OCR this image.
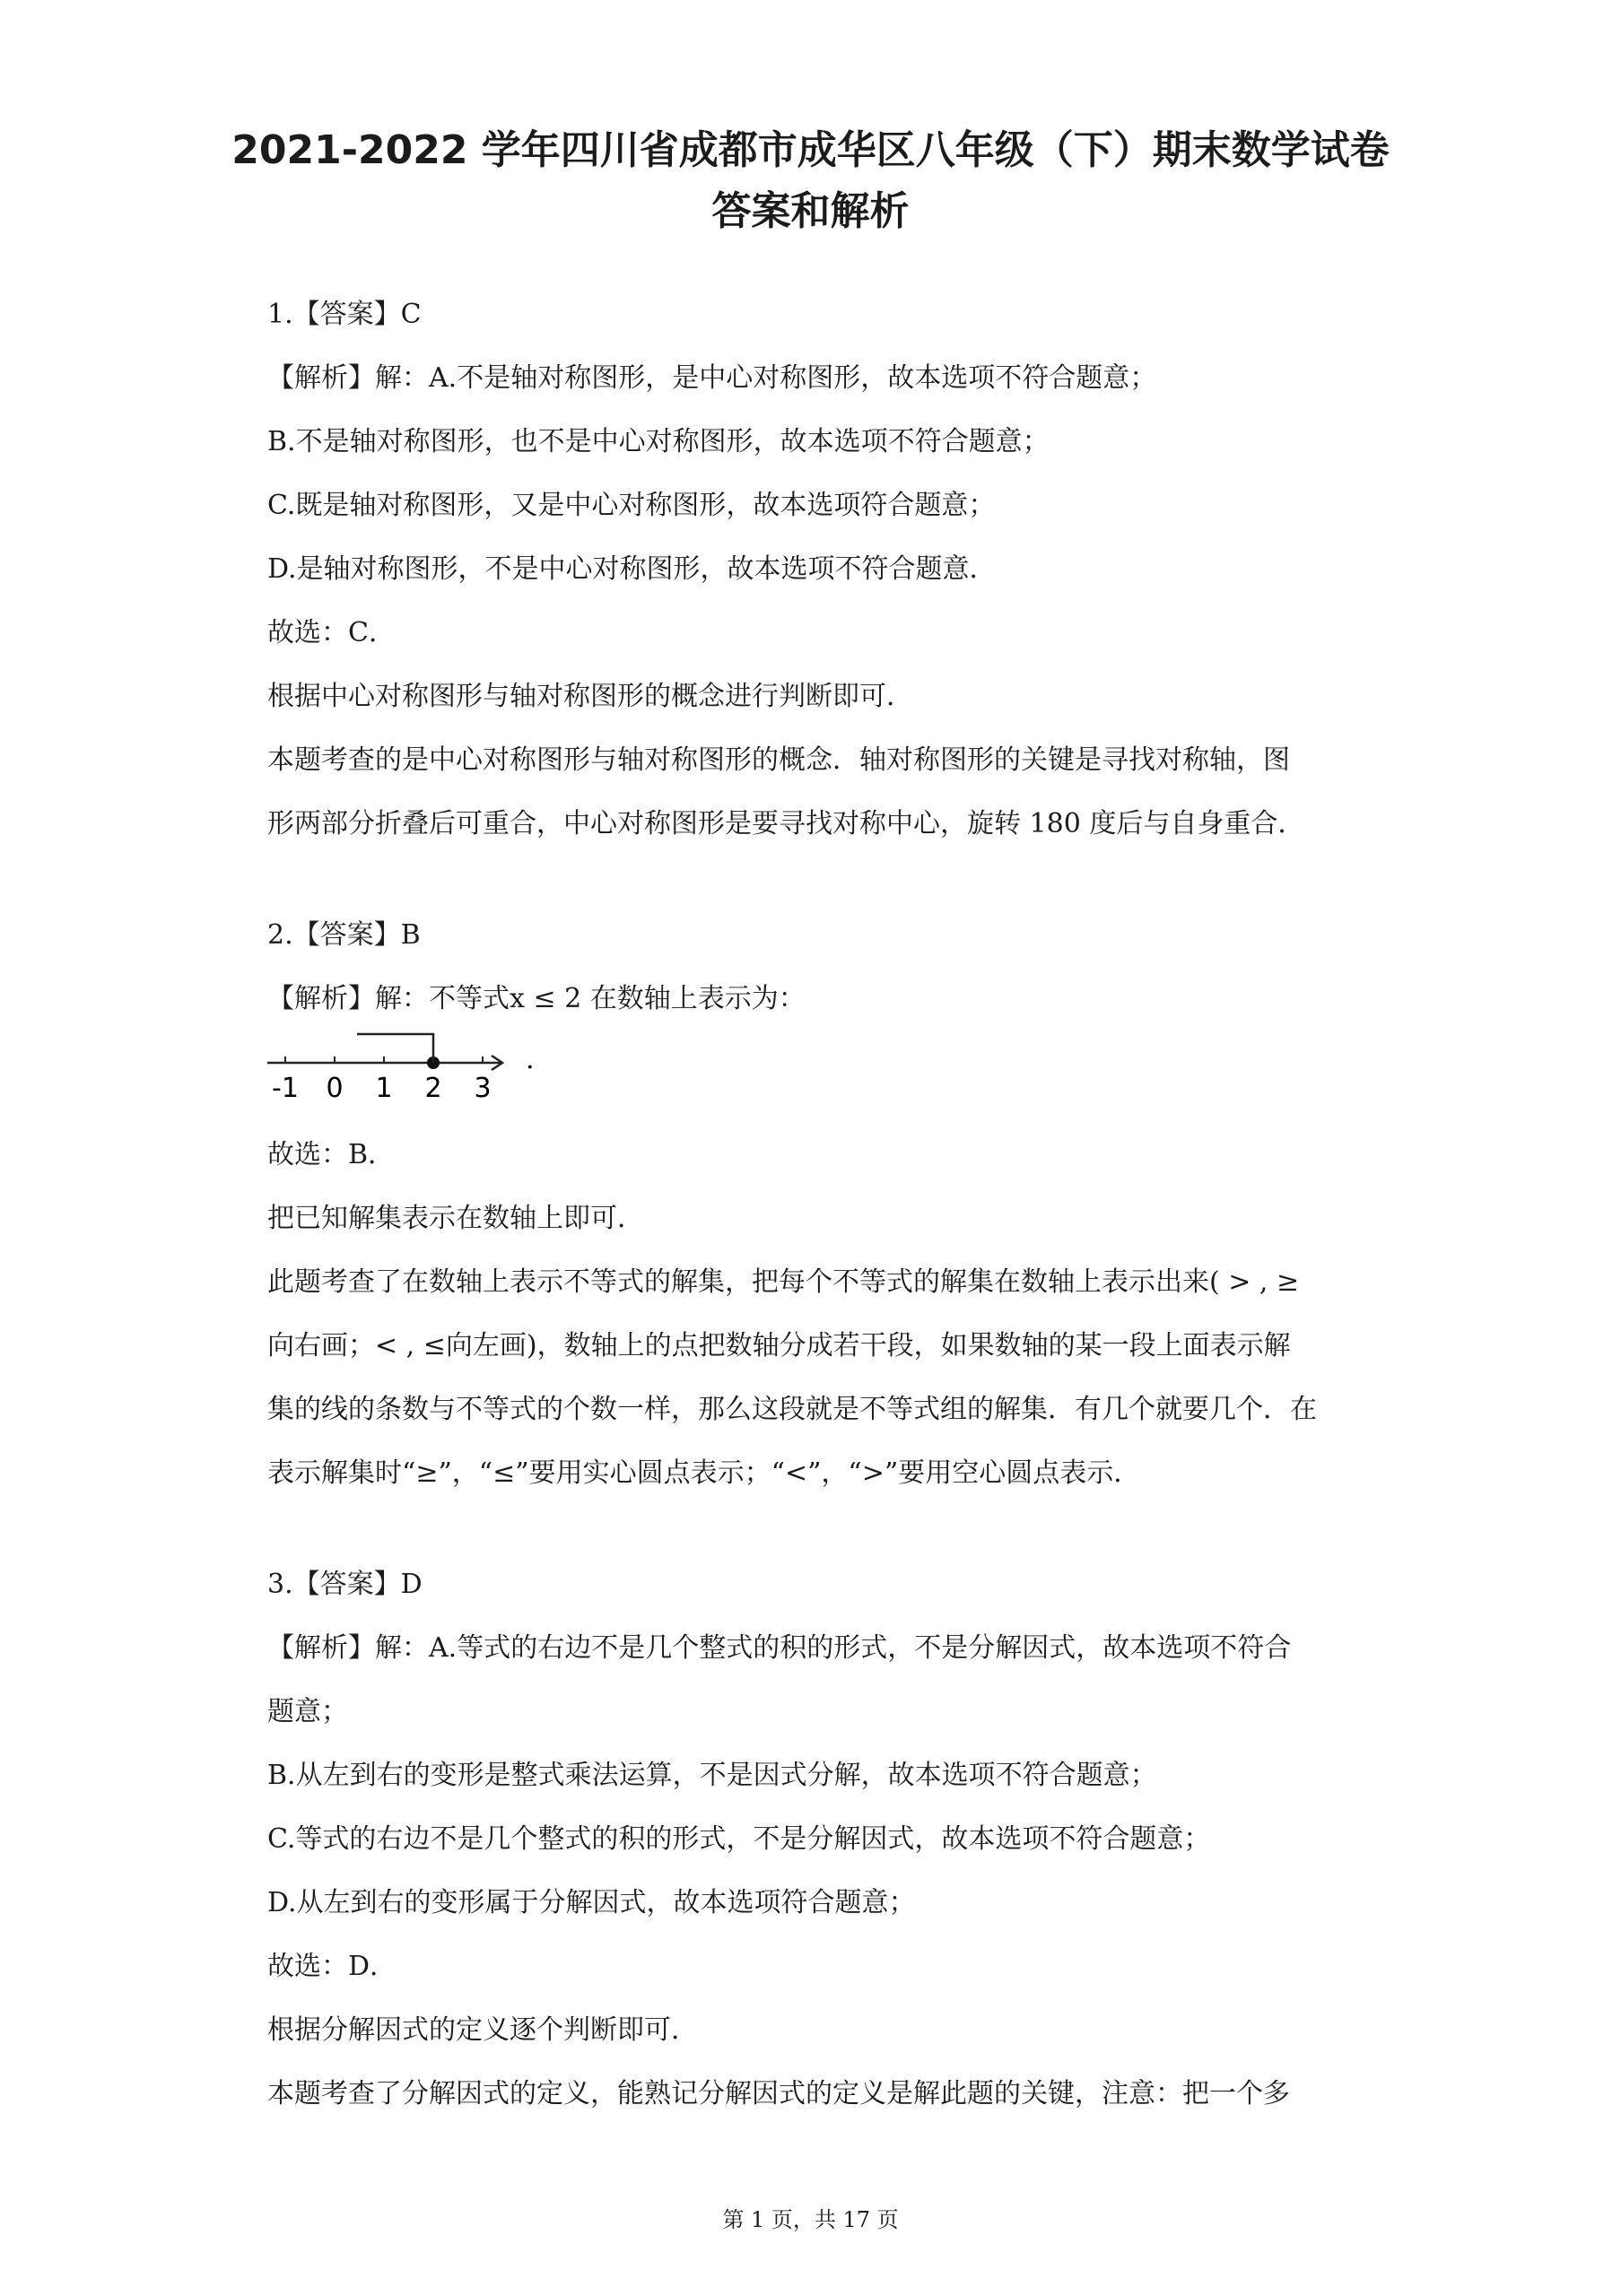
2021-2022 学年四川省成都市成华区八年级（下）期末数学试卷
答案和解析

1.【答案】C

【解析】解：A.不是轴对称图形，是中心对称图形，故本选项不符合题意；

B.不是轴对称图形，也不是中心对称图形，故本选项不符合题意；

C.既是轴对称图形，又是中心对称图形，故本选项符合题意；

D.是轴对称图形，不是中心对称图形，故本选项不符合题意．

故选：C．

根据中心对称图形与轴对称图形的概念进行判断即可．

本题考查的是中心对称图形与轴对称图形的概念．轴对称图形的关键是寻找对称轴，图

形两部分折叠后可重合，中心对称图形是要寻找对称中心，旋转 180 度后与自身重合．

2.【答案】B

【解析】解：不等式x ≤ 2 在数轴上表示为：

-1 0 1 2 3
.

故选：B．

把已知解集表示在数轴上即可．

此题考查了在数轴上表示不等式的解集，把每个不等式的解集在数轴上表示出来( > , ≥

向右画；< , ≤向左画)，数轴上的点把数轴分成若干段，如果数轴的某一段上面表示解

集的线的条数与不等式的个数一样，那么这段就是不等式组的解集．有几个就要几个．在

表示解集时“≥”，“≤”要用实心圆点表示；“<”，“>”要用空心圆点表示．

3.【答案】D

【解析】解：A.等式的右边不是几个整式的积的形式，不是分解因式，故本选项不符合

题意；

B.从左到右的变形是整式乘法运算，不是因式分解，故本选项不符合题意；

C.等式的右边不是几个整式的积的形式，不是分解因式，故本选项不符合题意；

D.从左到右的变形属于分解因式，故本选项符合题意；

故选：D．

根据分解因式的定义逐个判断即可．

本题考查了分解因式的定义，能熟记分解因式的定义是解此题的关键，注意：把一个多

第 1 页，共 17 页
